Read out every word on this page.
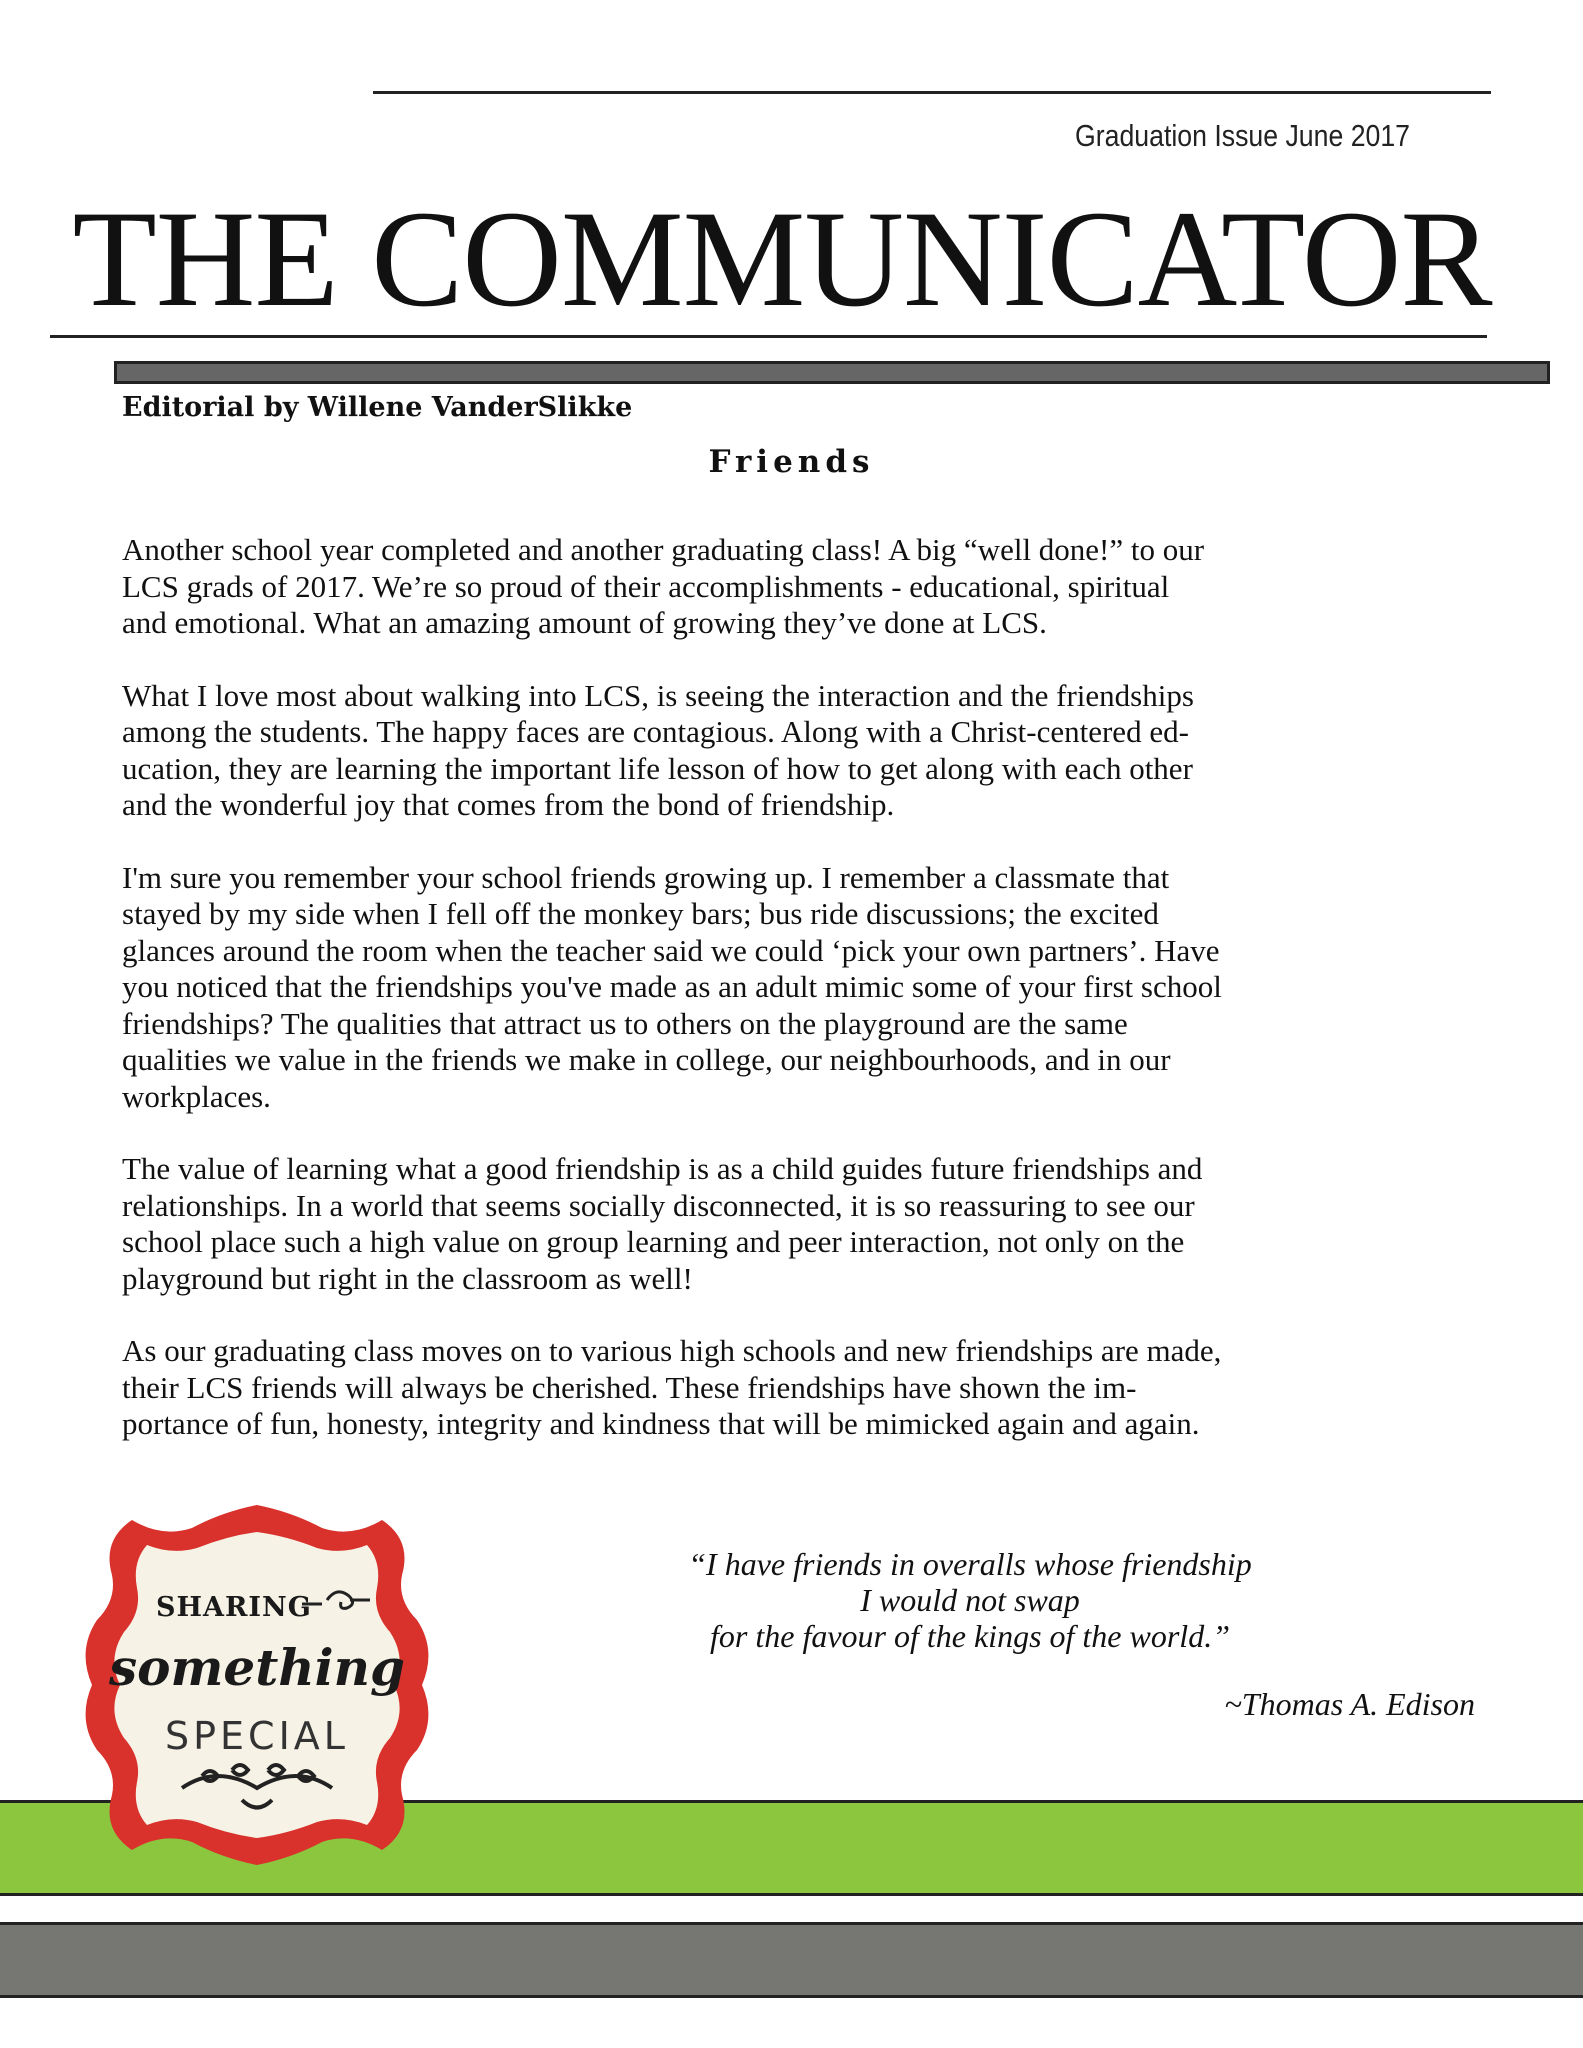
Graduation Issue June 2017
THE COMMUNICATOR
Editorial by Willene VanderSlikke
Friends

Another school year completed and another graduating class! A big “well done!” to our
LCS grads of 2017. We’re so proud of their accomplishments - educational, spiritual
and emotional. What an amazing amount of growing they’ve done at LCS.

What I love most about walking into LCS, is seeing the interaction and the friendships
among the students. The happy faces are contagious. Along with a Christ-centered ed-
ucation, they are learning the important life lesson of how to get along with each other
and the wonderful joy that comes from the bond of friendship.

I'm sure you remember your school friends growing up. I remember a classmate that
stayed by my side when I fell off the monkey bars; bus ride discussions; the excited
glances around the room when the teacher said we could ‘pick your own partners’. Have
you noticed that the friendships you've made as an adult mimic some of your first school
friendships? The qualities that attract us to others on the playground are the same
qualities we value in the friends we make in college, our neighbourhoods, and in our
workplaces.

The value of learning what a good friendship is as a child guides future friendships and
relationships. In a world that seems socially disconnected, it is so reassuring to see our
school place such a high value on group learning and peer interaction, not only on the
playground but right in the classroom as well!

As our graduating class moves on to various high schools and new friendships are made,
their LCS friends will always be cherished. These friendships have shown the im-
portance of fun, honesty, integrity and kindness that will be mimicked again and again.

SHARING
something
SPECIAL
“I have friends in overalls whose friendship
I would not swap
for the favour of the kings of the world.”
~Thomas A. Edison
